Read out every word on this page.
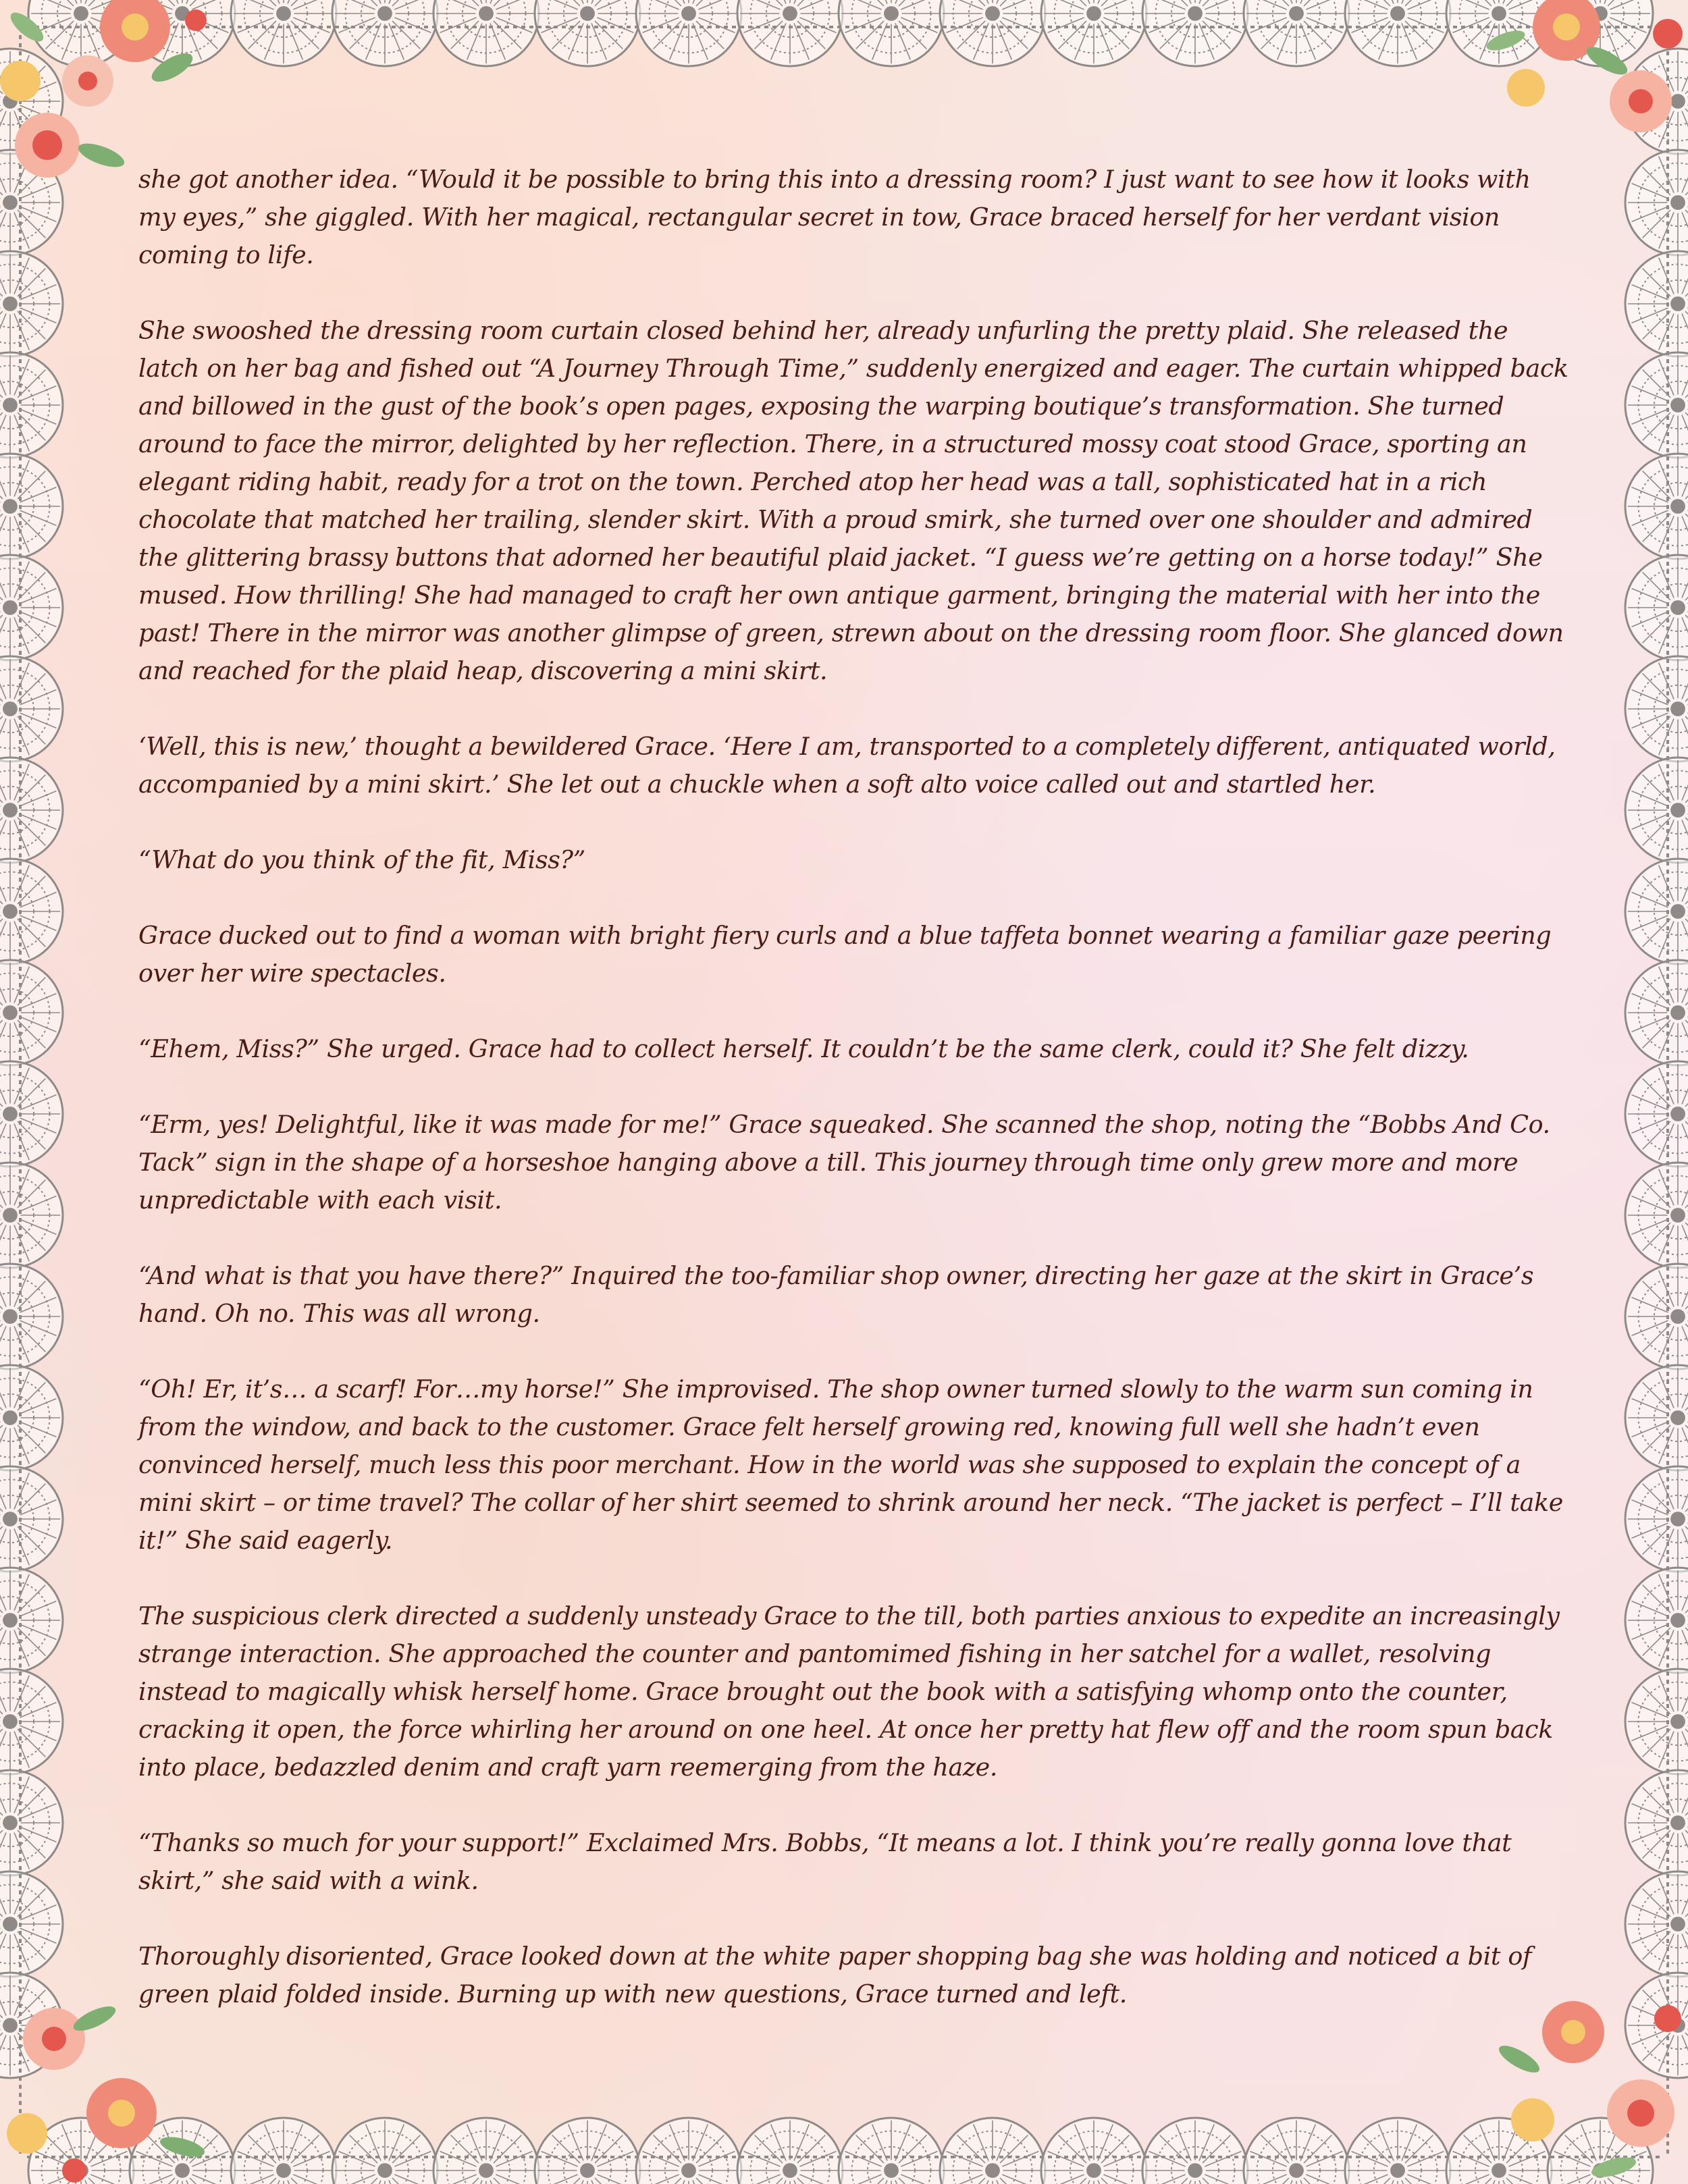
she got another idea. “Would it be possible to bring this into a dressing room? I just want to see how it looks with my eyes,” she giggled. With her magical, rectangular secret in tow, Grace braced herself for her verdant vision coming to life.

She swooshed the dressing room curtain closed behind her, already unfurling the pretty plaid. She released the latch on her bag and fished out “A Journey Through Time,” suddenly energized and eager. The curtain whipped back and billowed in the gust of the book’s open pages, exposing the warping boutique’s transformation. She turned around to face the mirror, delighted by her reflection. There, in a structured mossy coat stood Grace, sporting an elegant riding habit, ready for a trot on the town. Perched atop her head was a tall, sophisticated hat in a rich chocolate that matched her trailing, slender skirt. With a proud smirk, she turned over one shoulder and admired the glittering brassy buttons that adorned her beautiful plaid jacket. “I guess we’re getting on a horse today!” She mused. How thrilling! She had managed to craft her own antique garment, bringing the material with her into the past! There in the mirror was another glimpse of green, strewn about on the dressing room floor. She glanced down and reached for the plaid heap, discovering a mini skirt.

‘Well, this is new,’ thought a bewildered Grace. ‘Here I am, transported to a completely different, antiquated world, accompanied by a mini skirt.’ She let out a chuckle when a soft alto voice called out and startled her.

“What do you think of the fit, Miss?”

Grace ducked out to find a woman with bright fiery curls and a blue taffeta bonnet wearing a familiar gaze peering over her wire spectacles.

“Ehem, Miss?” She urged. Grace had to collect herself. It couldn’t be the same clerk, could it? She felt dizzy.

“Erm, yes! Delightful, like it was made for me!” Grace squeaked. She scanned the shop, noting the “Bobbs And Co. Tack” sign in the shape of a horseshoe hanging above a till. This journey through time only grew more and more unpredictable with each visit.

“And what is that you have there?” Inquired the too-familiar shop owner, directing her gaze at the skirt in Grace’s hand. Oh no. This was all wrong.

“Oh! Er, it’s… a scarf! For…my horse!” She improvised. The shop owner turned slowly to the warm sun coming in from the window, and back to the customer. Grace felt herself growing red, knowing full well she hadn’t even convinced herself, much less this poor merchant. How in the world was she supposed to explain the concept of a mini skirt – or time travel? The collar of her shirt seemed to shrink around her neck. “The jacket is perfect – I’ll take it!” She said eagerly.

The suspicious clerk directed a suddenly unsteady Grace to the till, both parties anxious to expedite an increasingly strange interaction. She approached the counter and pantomimed fishing in her satchel for a wallet, resolving instead to magically whisk herself home. Grace brought out the book with a satisfying whomp onto the counter, cracking it open, the force whirling her around on one heel. At once her pretty hat flew off and the room spun back into place, bedazzled denim and craft yarn reemerging from the haze.

“Thanks so much for your support!” Exclaimed Mrs. Bobbs, “It means a lot. I think you’re really gonna love that skirt,” she said with a wink.

Thoroughly disoriented, Grace looked down at the white paper shopping bag she was holding and noticed a bit of green plaid folded inside. Burning up with new questions, Grace turned and left.
